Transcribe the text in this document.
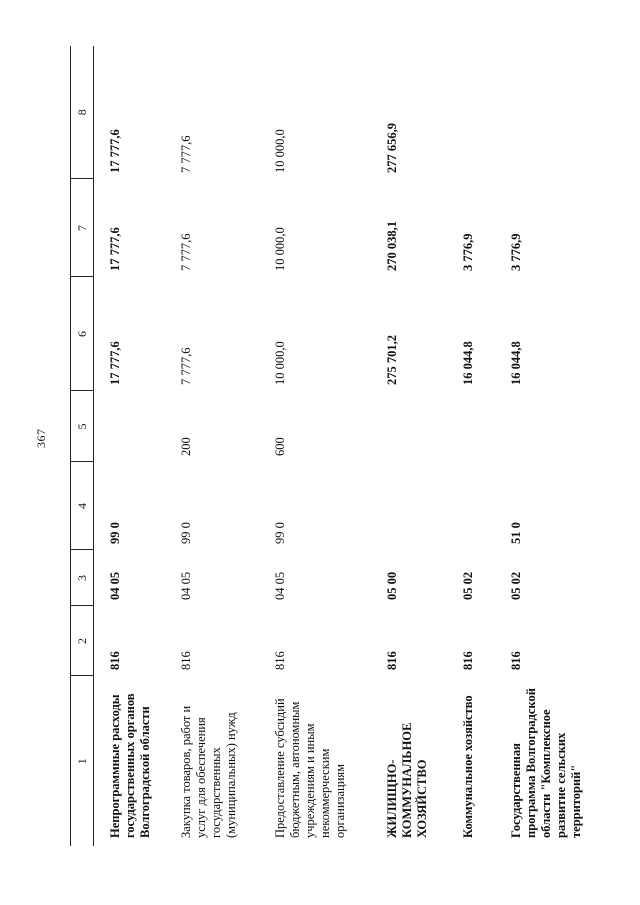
367
1	2	3	4	5	6	7	8
Непрограммные расходы государственных органов Волгоградской области	816	04 05	99 0		17 777,6	17 777,6	17 777,6
Закупка товаров, работ и услуг для обеспечения государственных (муниципальных) нужд	816	04 05	99 0	200	7 777,6	7 777,6	7 777,6
Предоставление субсидий бюджетным, автономным учреждениям и иным некоммерческим организациям	816	04 05	99 0	600	10 000,0	10 000,0	10 000,0
ЖИЛИЩНО-КОММУНАЛЬНОЕ ХОЗЯЙСТВО	816	05 00			275 701,2	270 038,1	277 656,9
Коммунальное хозяйство	816	05 02			16 044,8	3 776,9	
Государственная программа Волгоградской области "Комплексное развитие сельских территорий"	816	05 02	51 0		16 044,8	3 776,9	
